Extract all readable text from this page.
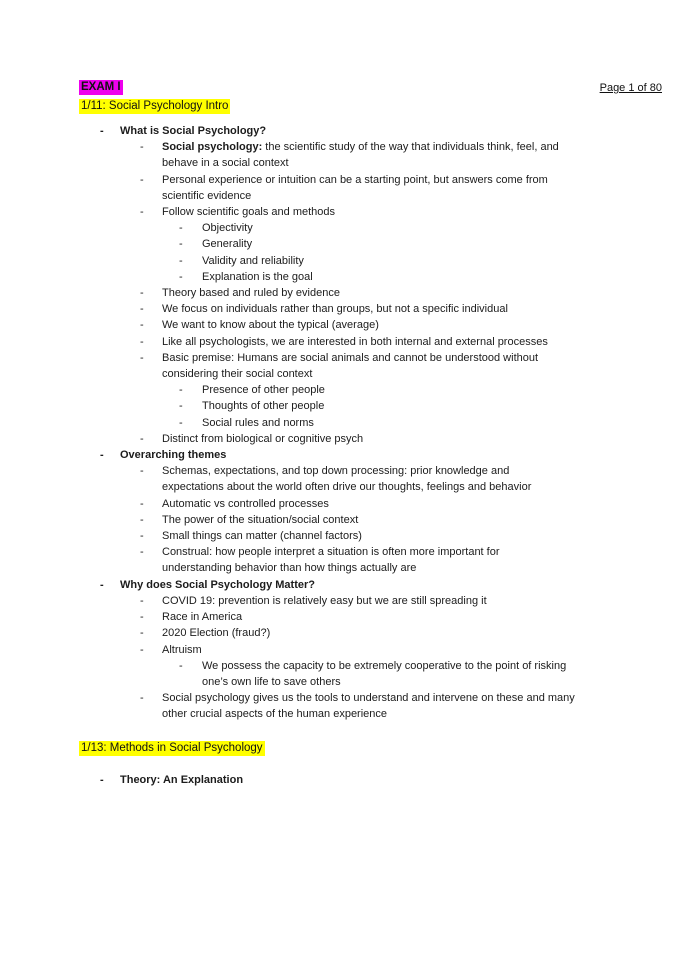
Page 1 of 80
EXAM I
1/11: Social Psychology Intro
-
What is Social Psychology?
-
Social psychology: the scientific study of the way that individuals think, feel, and behave in a social context
-
Personal experience or intuition can be a starting point, but answers come from scientific evidence
-
Follow scientific goals and methods
-
Objectivity
-
Generality
-
Validity and reliability
-
Explanation is the goal
-
Theory based and ruled by evidence
-
We focus on individuals rather than groups, but not a specific individual
-
We want to know about the typical (average)
-
Like all psychologists, we are interested in both internal and external processes
-
Basic premise: Humans are social animals and cannot be understood without considering their social context
-
Presence of other people
-
Thoughts of other people
-
Social rules and norms
-
Distinct from biological or cognitive psych
-
Overarching themes
-
Schemas, expectations, and top down processing: prior knowledge and expectations about the world often drive our thoughts, feelings and behavior
-
Automatic vs controlled processes
-
The power of the situation/social context
-
Small things can matter (channel factors)
-
Construal: how people interpret a situation is often more important for understanding behavior than how things actually are
-
Why does Social Psychology Matter?
-
COVID 19: prevention is relatively easy but we are still spreading it
-
Race in America
-
2020 Election (fraud?)
-
Altruism
-
We possess the capacity to be extremely cooperative to the point of risking one’s own life to save others
-
Social psychology gives us the tools to understand and intervene on these and many other crucial aspects of the human experience
1/13: Methods in Social Psychology
-
Theory: An Explanation
